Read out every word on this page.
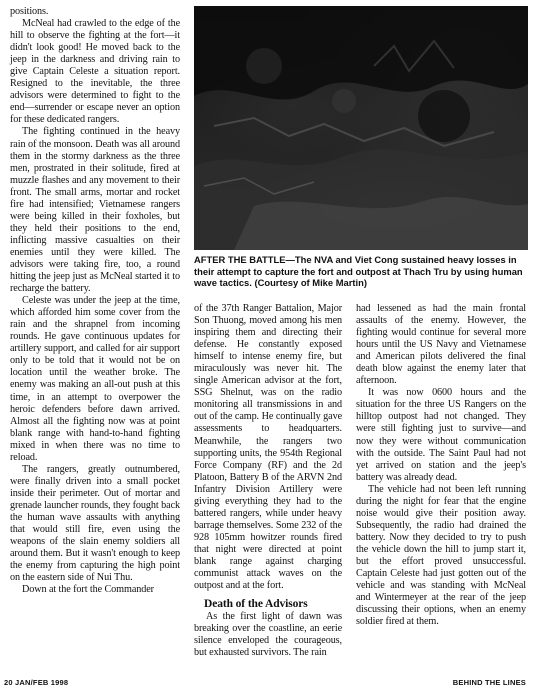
positions.

McNeal had crawled to the edge of the hill to observe the fighting at the fort—it didn't look good! He moved back to the jeep in the darkness and driving rain to give Captain Celeste a situation report. Resigned to the inevitable, the three advisors were determined to fight to the end—surrender or escape never an option for these dedicated rangers.

The fighting continued in the heavy rain of the monsoon. Death was all around them in the stormy darkness as the three men, prostrated in their solitude, fired at muzzle flashes and any movement to their front. The small arms, mortar and rocket fire had intensified; Vietnamese rangers were being killed in their foxholes, but they held their positions to the end, inflicting massive casualties on their enemies until they were killed. The advisors were taking fire, too, a round hitting the jeep just as McNeal started it to recharge the battery.

Celeste was under the jeep at the time, which afforded him some cover from the rain and the shrapnel from incoming rounds. He gave continuous updates for artillery support, and called for air support only to be told that it would not be on location until the weather broke. The enemy was making an all-out push at this time, in an attempt to overpower the heroic defenders before dawn arrived. Almost all the fighting now was at point blank range with hand-to-hand fighting mixed in when there was no time to reload.

The rangers, greatly outnumbered, were finally driven into a small pocket inside their perimeter. Out of mortar and grenade launcher rounds, they fought back the human wave assaults with anything that would still fire, even using the weapons of the slain enemy soldiers all around them. But it wasn't enough to keep the enemy from capturing the high point on the eastern side of Nui Thu.

Down at the fort the Commander

AFTER THE BATTLE—The NVA and Viet Cong sustained heavy losses in their attempt to capture the fort and outpost at Thach Tru by using human wave tactics. (Courtesy of Mike Martin)

of the 37th Ranger Battalion, Major Son Thuong, moved among his men inspiring them and directing their defense. He constantly exposed himself to intense enemy fire, but miraculously was never hit. The single American advisor at the fort, SSG Shelnut, was on the radio monitoring all transmissions in and out of the camp. He continually gave assessments to headquarters. Meanwhile, the rangers two supporting units, the 954th Regional Force Company (RF) and the 2d Platoon, Battery B of the ARVN 2nd Infantry Division Artillery were giving everything they had to the battered rangers, while under heavy barrage themselves. Some 232 of the 928 105mm howitzer rounds fired that night were directed at point blank range against charging communist attack waves on the outpost and at the fort.

Death of the Advisors

As the first light of dawn was breaking over the coastline, an eerie silence enveloped the courageous, but exhausted survivors. The rain

had lessened as had the main frontal assaults of the enemy. However, the fighting would continue for several more hours until the US Navy and Vietnamese and American pilots delivered the final death blow against the enemy later that afternoon.

It was now 0600 hours and the situation for the three US Rangers on the hilltop outpost had not changed. They were still fighting just to survive—and now they were without communication with the outside. The Saint Paul had not yet arrived on station and the jeep's battery was already dead.

The vehicle had not been left running during the night for fear that the engine noise would give their position away. Subsequently, the radio had drained the battery. Now they decided to try to push the vehicle down the hill to jump start it, but the effort proved unsuccessful. Captain Celeste had just gotten out of the vehicle and was standing with McNeal and Wintermeyer at the rear of the jeep discussing their options, when an enemy soldier fired at them.

20 JAN/FEB 1998	BEHIND THE LINES
